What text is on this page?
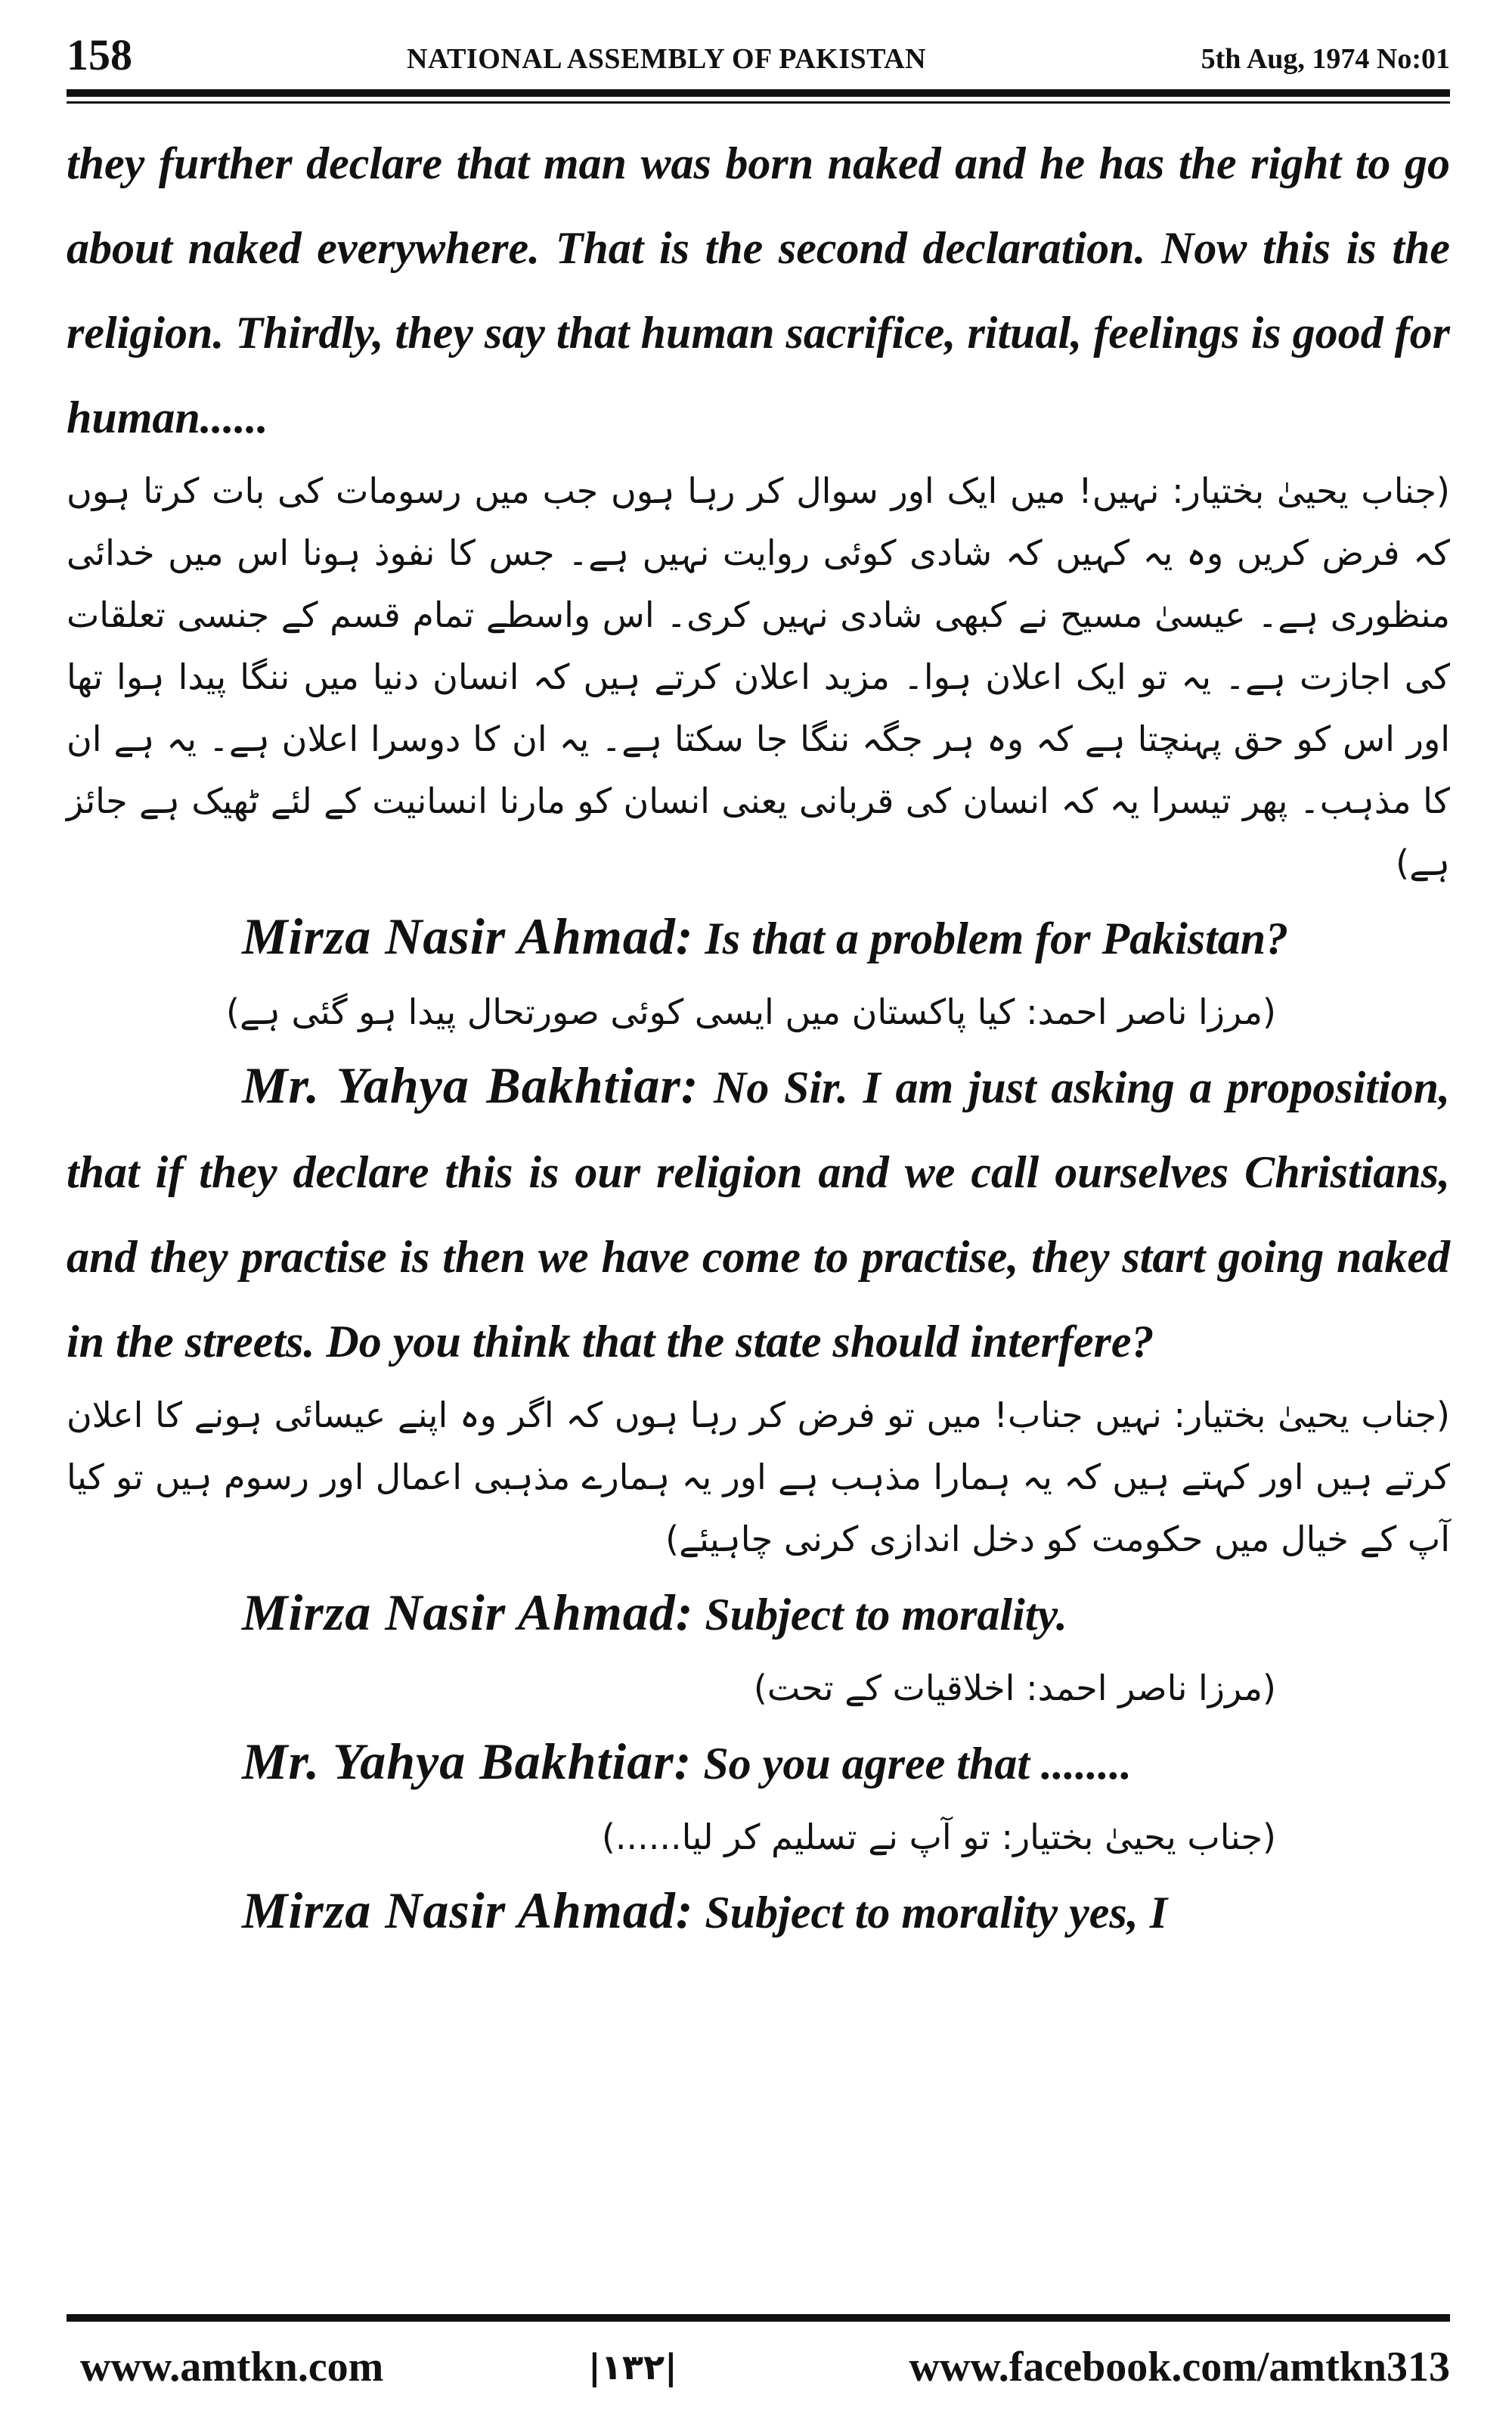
158	NATIONAL ASSEMBLY OF PAKISTAN	5th Aug, 1974 No:01

they further declare that man was born naked and he has the right to go about naked everywhere. That is the second declaration. Now this is the religion. Thirdly, they say that human sacrifice, ritual, feelings is good for human......

(جناب یحییٰ بختیار: نہیں! میں ایک اور سوال کر رہا ہوں جب میں رسومات کی بات کرتا ہوں کہ فرض کریں وہ یہ کہیں کہ شادی کوئی روایت نہیں ہے۔ جس کا نفوذ ہونا اس میں خدائی منظوری ہے۔ عیسیٰ مسیح نے کبھی شادی نہیں کری۔ اس واسطے تمام قسم کے جنسی تعلقات کی اجازت ہے۔ یہ تو ایک اعلان ہوا۔ مزید اعلان کرتے ہیں کہ انسان دنیا میں ننگا پیدا ہوا تھا اور اس کو حق پہنچتا ہے کہ وہ ہر جگہ ننگا جا سکتا ہے۔ یہ ان کا دوسرا اعلان ہے۔ یہ ہے ان کا مذہب۔ پھر تیسرا یہ کہ انسان کی قربانی یعنی انسان کو مارنا انسانیت کے لئے ٹھیک ہے جائز ہے)

Mirza Nasir Ahmad: Is that a problem for Pakistan?

(مرزا ناصر احمد: کیا پاکستان میں ایسی کوئی صورتحال پیدا ہو گئی ہے)

Mr. Yahya Bakhtiar: No Sir. I am just asking a proposition, that if they declare this is our religion and we call ourselves Christians, and they practise is then we have come to practise, they start going naked in the streets. Do you think that the state should interfere?

(جناب یحییٰ بختیار: نہیں جناب! میں تو فرض کر رہا ہوں کہ اگر وہ اپنے عیسائی ہونے کا اعلان کرتے ہیں اور کہتے ہیں کہ یہ ہمارا مذہب ہے اور یہ ہمارے مذہبی اعمال اور رسوم ہیں تو کیا آپ کے خیال میں حکومت کو دخل اندازی کرنی چاہیئے)

Mirza Nasir Ahmad: Subject to morality.

(مرزا ناصر احمد: اخلاقیات کے تحت)

Mr. Yahya Bakhtiar: So you agree that ........

(جناب یحییٰ بختیار: تو آپ نے تسلیم کر لیا......)

Mirza Nasir Ahmad: Subject to morality yes, I

www.amtkn.com	|۱۳۲|	www.facebook.com/amtkn313
